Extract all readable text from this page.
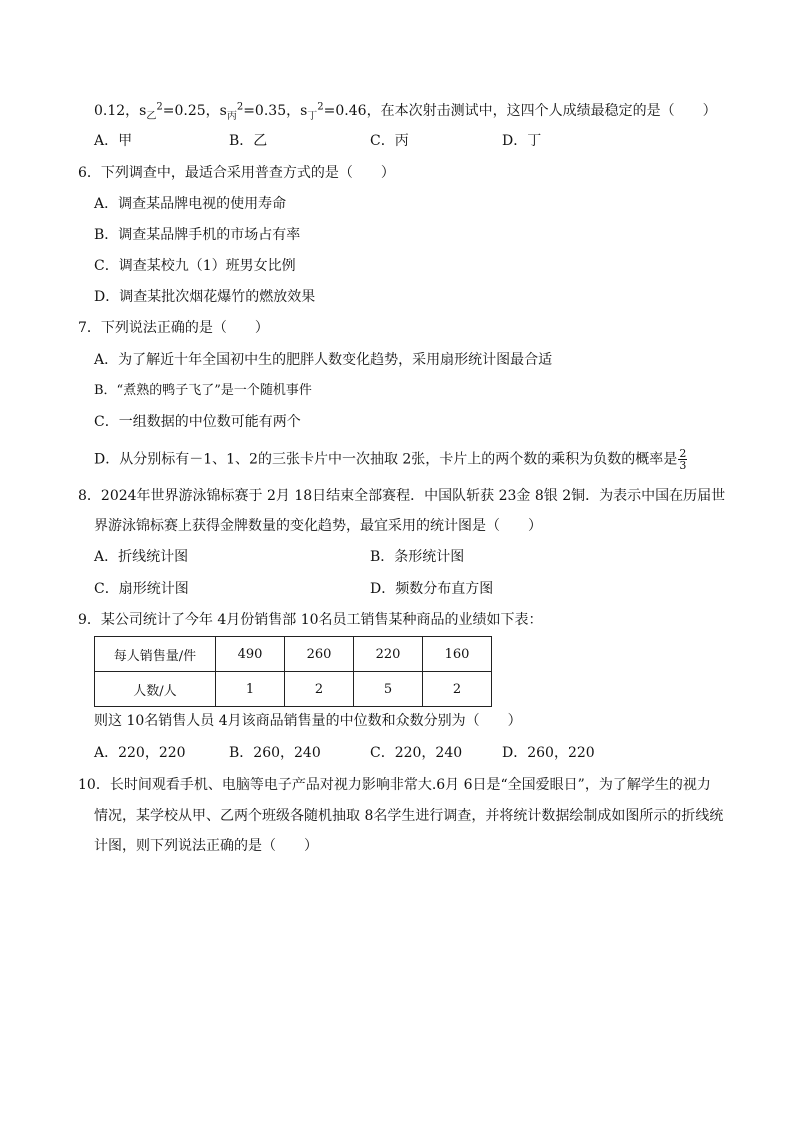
0.12，$s_乙^2=0.25$，$s_丙^2=0.35$，$s_丁^2=0.46$，在本次射击测试中，这四个人成绩最稳定的是（　　）
A．甲	B．乙	C．丙	D．丁
6．下列调查中，最适合采用普查方式的是（　　）
A．调查某品牌电视的使用寿命
B．调查某品牌手机的市场占有率
C．调查某校九（1）班男女比例
D．调查某批次烟花爆竹的燃放效果
7．下列说法正确的是（　　）
A．为了解近十年全国初中生的肥胖人数变化趋势，采用扇形统计图最合适
B．“煮熟的鸭子飞了”是一个随机事件
C．一组数据的中位数可能有两个
D．从分别标有－1、1、2的三张卡片中一次抽取 2张，卡片上的两个数的乘积为负数的概率是 $\frac{2}{3}$
8．2024年世界游泳锦标赛于 2月 18日结束全部赛程．中国队斩获 23金 8银 2铜．为表示中国在历届世
界游泳锦标赛上获得金牌数量的变化趋势，最宜采用的统计图是（　　）
A．折线统计图	B．条形统计图
C．扇形统计图	D．频数分布直方图
9．某公司统计了今年 4月份销售部 10名员工销售某种商品的业绩如下表：
每人销售量/件	490	260	220	160
人数/人	1	2	5	2
则这 10名销售人员 4月该商品销售量的中位数和众数分别为（　　）
A．220，220	B．260，240	C．220，240	D．260，220
10．长时间观看手机、电脑等电子产品对视力影响非常大.6月 6日是“全国爱眼日”，为了解学生的视力
情况，某学校从甲、乙两个班级各随机抽取 8名学生进行调查，并将统计数据绘制成如图所示的折线统
计图，则下列说法正确的是（　　）
